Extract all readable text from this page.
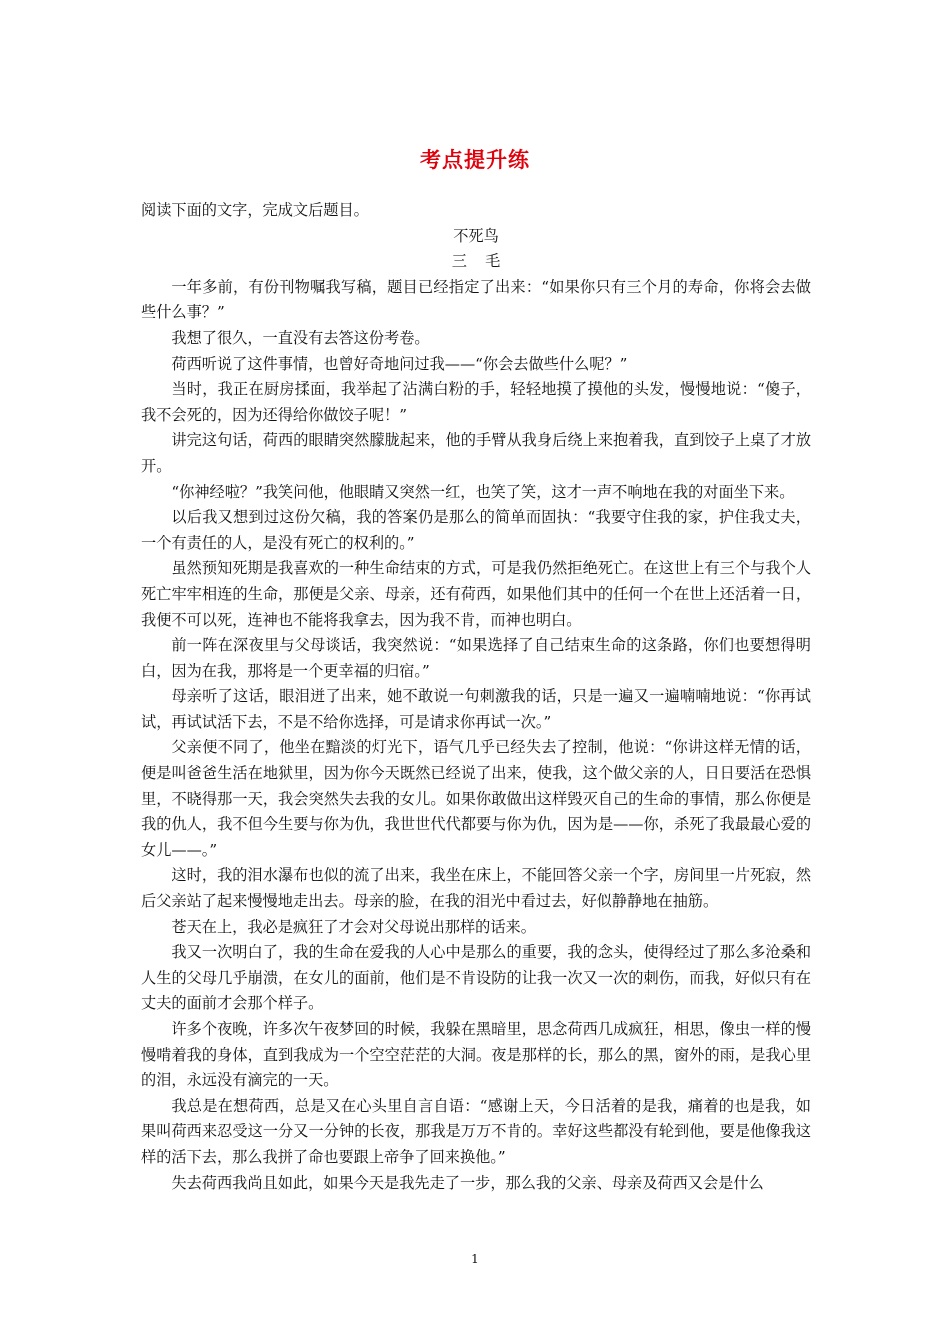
考点提升练

阅读下面的文字，完成文后题目。

不死鸟

三毛

一年多前，有份刊物嘱我写稿，题目已经指定了出来：“如果你只有三个月的寿命，你将会去做些什么事？”

我想了很久，一直没有去答这份考卷。

荷西听说了这件事情，也曾好奇地问过我——“你会去做些什么呢？”

当时，我正在厨房揉面，我举起了沾满白粉的手，轻轻地摸了摸他的头发，慢慢地说：“傻子，我不会死的，因为还得给你做饺子呢！”

讲完这句话，荷西的眼睛突然朦胧起来，他的手臂从我身后绕上来抱着我，直到饺子上桌了才放开。

“你神经啦？”我笑问他，他眼睛又突然一红，也笑了笑，这才一声不响地在我的对面坐下来。

以后我又想到过这份欠稿，我的答案仍是那么的简单而固执：“我要守住我的家，护住我丈夫，一个有责任的人，是没有死亡的权利的。”

虽然预知死期是我喜欢的一种生命结束的方式，可是我仍然拒绝死亡。在这世上有三个与我个人死亡牢牢相连的生命，那便是父亲、母亲，还有荷西，如果他们其中的任何一个在世上还活着一日，我便不可以死，连神也不能将我拿去，因为我不肯，而神也明白。

前一阵在深夜里与父母谈话，我突然说：“如果选择了自己结束生命的这条路，你们也要想得明白，因为在我，那将是一个更幸福的归宿。”

母亲听了这话，眼泪迸了出来，她不敢说一句刺激我的话，只是一遍又一遍喃喃地说：“你再试试，再试试活下去，不是不给你选择，可是请求你再试一次。”

父亲便不同了，他坐在黯淡的灯光下，语气几乎已经失去了控制，他说：“你讲这样无情的话，便是叫爸爸生活在地狱里，因为你今天既然已经说了出来，使我，这个做父亲的人，日日要活在恐惧里，不晓得那一天，我会突然失去我的女儿。如果你敢做出这样毁灭自己的生命的事情，那么你便是我的仇人，我不但今生要与你为仇，我世世代代都要与你为仇，因为是——你，杀死了我最最心爱的女儿——。”

这时，我的泪水瀑布也似的流了出来，我坐在床上，不能回答父亲一个字，房间里一片死寂，然后父亲站了起来慢慢地走出去。母亲的脸，在我的泪光中看过去，好似静静地在抽筋。

苍天在上，我必是疯狂了才会对父母说出那样的话来。

我又一次明白了，我的生命在爱我的人心中是那么的重要，我的念头，使得经过了那么多沧桑和人生的父母几乎崩溃，在女儿的面前，他们是不肯设防的让我一次又一次的刺伤，而我，好似只有在丈夫的面前才会那个样子。

许多个夜晚，许多次午夜梦回的时候，我躲在黑暗里，思念荷西几成疯狂，相思，像虫一样的慢慢啃着我的身体，直到我成为一个空空茫茫的大洞。夜是那样的长，那么的黑，窗外的雨，是我心里的泪，永远没有滴完的一天。

我总是在想荷西，总是又在心头里自言自语：“感谢上天，今日活着的是我，痛着的也是我，如果叫荷西来忍受这一分又一分钟的长夜，那我是万万不肯的。幸好这些都没有轮到他，要是他像我这样的活下去，那么我拼了命也要跟上帝争了回来换他。”

失去荷西我尚且如此，如果今天是我先走了一步，那么我的父亲、母亲及荷西又会是什么

1
